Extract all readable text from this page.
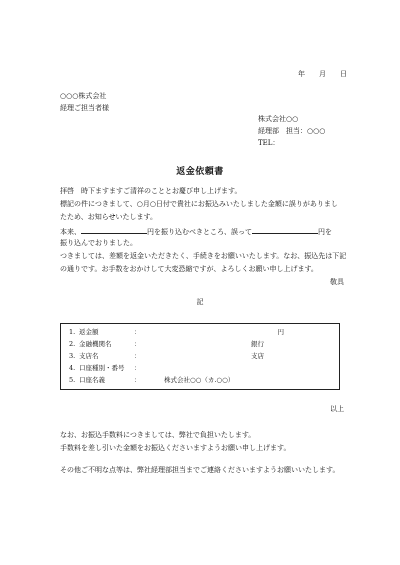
年　　月　　日
○○○株式会社
経理ご担当者様
株式会社○○
経理部　担当：○○○
TEL：
返金依頼書
拝啓　時下ますますご清祥のこととお慶び申し上げます。
標記の件につきまして、○月○日付で貴社にお振込みいたしました金額に誤りがありまし
たため、お知らせいたします。
本来、	円を振り込むべきところ、誤って	円を
振り込んでおりました。
つきましては、差額を返金いただきたく、手続きをお願いいたします。なお、振込先は下記
の通りです。お手数をおかけして大変恐縮ですが、よろしくお願い申し上げます。
敬具
記
1. 返金額	：	円
2. 金融機関名	：	銀行
3. 支店名	：	支店
4. 口座種別・番号 ：
5. 口座名義	：	株式会社○○（カ.○○）
以上
なお、お振込手数料につきましては、弊社で負担いたします。
手数料を差し引いた金額をお振込くださいますようお願い申し上げます。
その他ご不明な点等は、弊社経理部担当までご連絡くださいますようお願いいたします。
